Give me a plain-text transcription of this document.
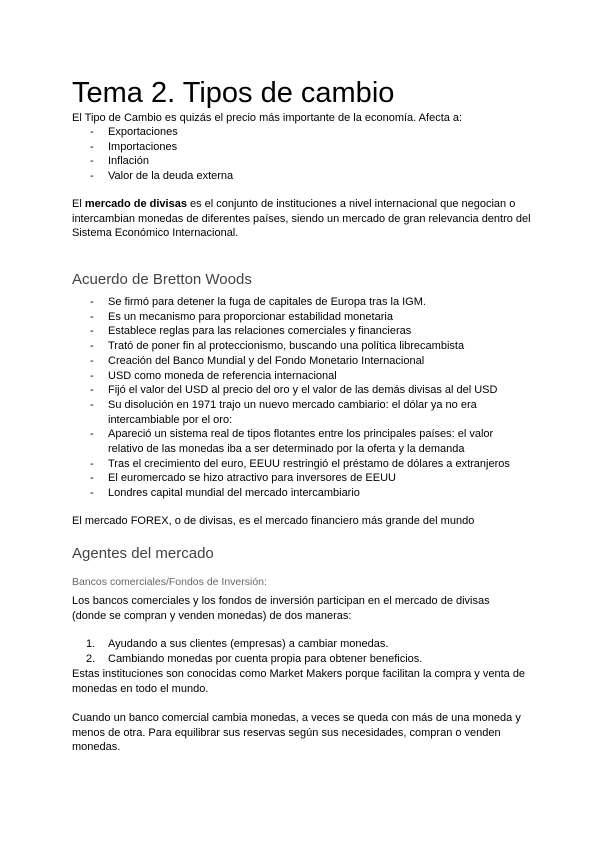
Tema 2. Tipos de cambio
El Tipo de Cambio es quizás el precio más importante de la economía. Afecta a:
- Exportaciones
- Importaciones
- Inflación
- Valor de la deuda externa
El mercado de divisas es el conjunto de instituciones a nivel internacional que negocian o intercambian monedas de diferentes países, siendo un mercado de gran relevancia dentro del Sistema Económico Internacional.
Acuerdo de Bretton Woods
- Se firmó para detener la fuga de capitales de Europa tras la IGM.
- Es un mecanismo para proporcionar estabilidad monetaria
- Establece reglas para las relaciones comerciales y financieras
- Trató de poner fin al proteccionismo, buscando una política librecambista
- Creación del Banco Mundial y del Fondo Monetario Internacional
- USD como moneda de referencia internacional
- Fijó el valor del USD al precio del oro y el valor de las demás divisas al del USD
- Su disolución en 1971 trajo un nuevo mercado cambiario: el dólar ya no era intercambiable por el oro:
- Apareció un sistema real de tipos flotantes entre los principales países: el valor relativo de las monedas iba a ser determinado por la oferta y la demanda
- Tras el crecimiento del euro, EEUU restringió el préstamo de dólares a extranjeros
- El euromercado se hizo atractivo para inversores de EEUU
- Londres capital mundial del mercado intercambiario
El mercado FOREX, o de divisas, es el mercado financiero más grande del mundo
Agentes del mercado
Bancos comerciales/Fondos de Inversión:
Los bancos comerciales y los fondos de inversión participan en el mercado de divisas (donde se compran y venden monedas) de dos maneras:
1. Ayudando a sus clientes (empresas) a cambiar monedas.
2. Cambiando monedas por cuenta propia para obtener beneficios.
Estas instituciones son conocidas como Market Makers porque facilitan la compra y venta de monedas en todo el mundo.
Cuando un banco comercial cambia monedas, a veces se queda con más de una moneda y menos de otra. Para equilibrar sus reservas según sus necesidades, compran o venden monedas.
